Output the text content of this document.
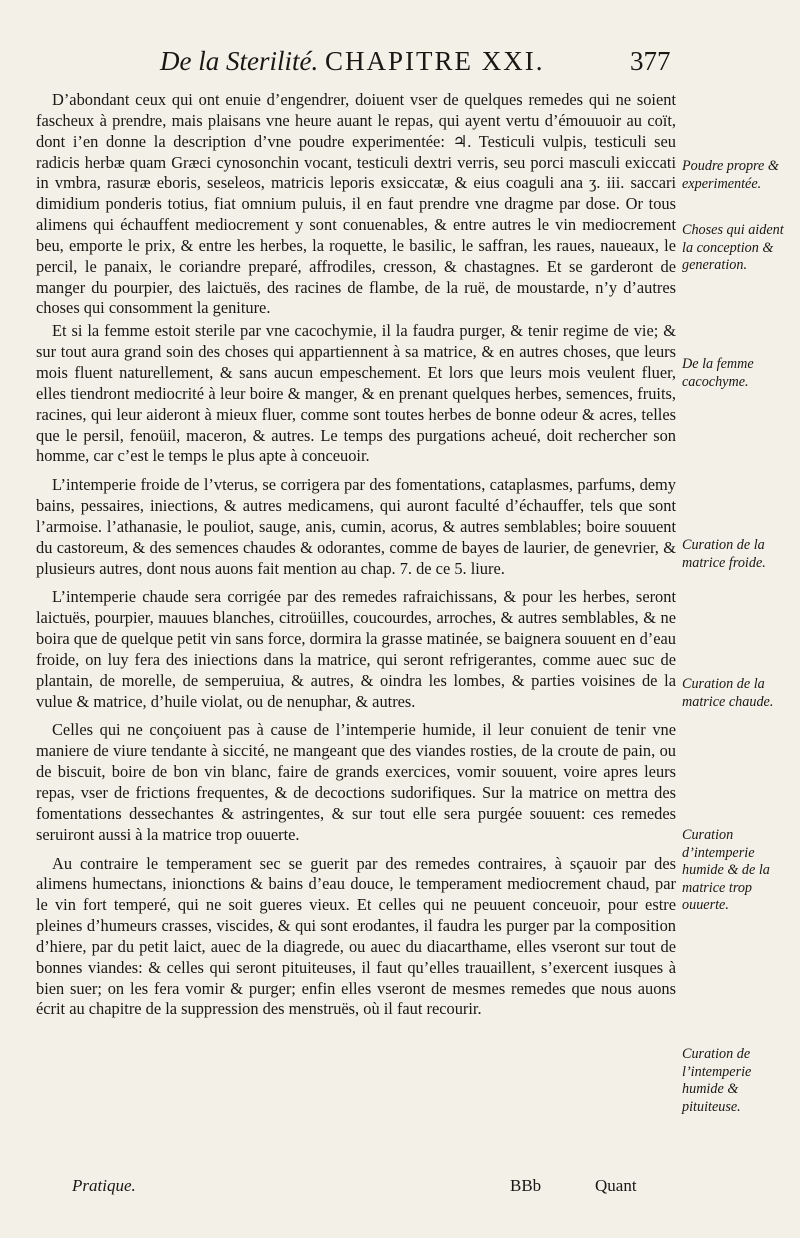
De la Sterilité. CHAPITRE XXI.	377

D’abondant ceux qui ont enuie d’engendrer, doiuent vser de quelques remedes qui ne soient fascheux à prendre, mais plaisans vne heure auant le repas, qui ayent vertu d’émouuoir au coït, dont i’en donne la description d’vne poudre experimentée: ♃. Testiculi vulpis, testiculi seu radicis herbæ quam Græci cynosonchin vocant, testiculi dextri verris, seu porci masculi exiccati in vmbra, rasuræ eboris, seseleos, matricis leporis exsiccatæ, & eius coaguli ana ʒ. iii. saccari dimidium ponderis totius, fiat omnium puluis, il en faut prendre vne dragme par dose. Or tous alimens qui échauffent mediocrement y sont conuenables, & entre autres le vin mediocrement beu, emporte le prix, & entre les herbes, la roquette, le basilic, le saffran, les raues, naueaux, le percil, le panaix, le coriandre preparé, affrodiles, cresson, & chastagnes. Et se garderont de manger du pourpier, des laictuës, des racines de flambe, de la ruë, de moustarde, n’y d’autres choses qui consomment la geniture.

Et si la femme estoit sterile par vne cacochymie, il la faudra purger, & tenir regime de vie; & sur tout aura grand soin des choses qui appartiennent à sa matrice, & en autres choses, que leurs mois fluent naturellement, & sans aucun empeschement. Et lors que leurs mois veulent fluer, elles tiendront mediocrité à leur boire & manger, & en prenant quelques herbes, semences, fruits, racines, qui leur aideront à mieux fluer, comme sont toutes herbes de bonne odeur & acres, telles que le persil, fenoüil, maceron, & autres. Le temps des purgations acheué, doit rechercher son homme, car c’est le temps le plus apte à conceuoir.

L’intemperie froide de l’vterus, se corrigera par des fomentations, cataplasmes, parfums, demy bains, pessaires, iniections, & autres medicamens, qui auront faculté d’échauffer, tels que sont l’armoise. l’athanasie, le pouliot, sauge, anis, cumin, acorus, & autres semblables; boire souuent du castoreum, & des semences chaudes & odorantes, comme de bayes de laurier, de genevrier, & plusieurs autres, dont nous auons fait mention au chap. 7. de ce 5. liure.

L’intemperie chaude sera corrigée par des remedes rafraichissans, & pour les herbes, seront laictuës, pourpier, mauues blanches, citroüilles, coucourdes, arroches, & autres semblables, & ne boira que de quelque petit vin sans force, dormira la grasse matinée, se baignera souuent en d’eau froide, on luy fera des iniections dans la matrice, qui seront refrigerantes, comme auec suc de plantain, de morelle, de semperuiua, & autres, & oindra les lombes, & parties voisines de la vulue & matrice, d’huile violat, ou de nenuphar, & autres.

Celles qui ne conçoiuent pas à cause de l’intemperie humide, il leur conuient de tenir vne maniere de viure tendante à siccité, ne mangeant que des viandes rosties, de la croute de pain, ou de biscuit, boire de bon vin blanc, faire de grands exercices, vomir souuent, voire apres leurs repas, vser de frictions frequentes, & de decoctions sudorifiques. Sur la matrice on mettra des fomentations dessechantes & astringentes, & sur tout elle sera purgée souuent: ces remedes seruiront aussi à la matrice trop ouuerte.

Au contraire le temperament sec se guerit par des remedes contraires, à sçauoir par des alimens humectans, inionctions & bains d’eau douce, le temperament mediocrement chaud, par le vin fort temperé, qui ne soit gueres vieux. Et celles qui ne peuuent conceuoir, pour estre pleines d’humeurs crasses, viscides, & qui sont erodantes, il faudra les purger par la composition d’hiere, par du petit laict, auec de la diagrede, ou auec du diacarthame, elles vseront sur tout de bonnes viandes: & celles qui seront pituiteuses, il faut qu’elles trauaillent, s’exercent iusques à bien suer; on les fera vomir & purger; enfin elles vseront de mesmes remedes que nous auons écrit au chapitre de la suppression des menstruës, où il faut recourir.

Poudre propre & experimentée.
Choses qui aident la conception & generation.
De la femme cacochyme.
Curation de la matrice froide.
Curation de la matrice chaude.
Curation d’intemperie humide & de la matrice trop ouuerte.
Curation de l’intemperie humide & pituiteuse.
Pratique.	BBb	Quant
